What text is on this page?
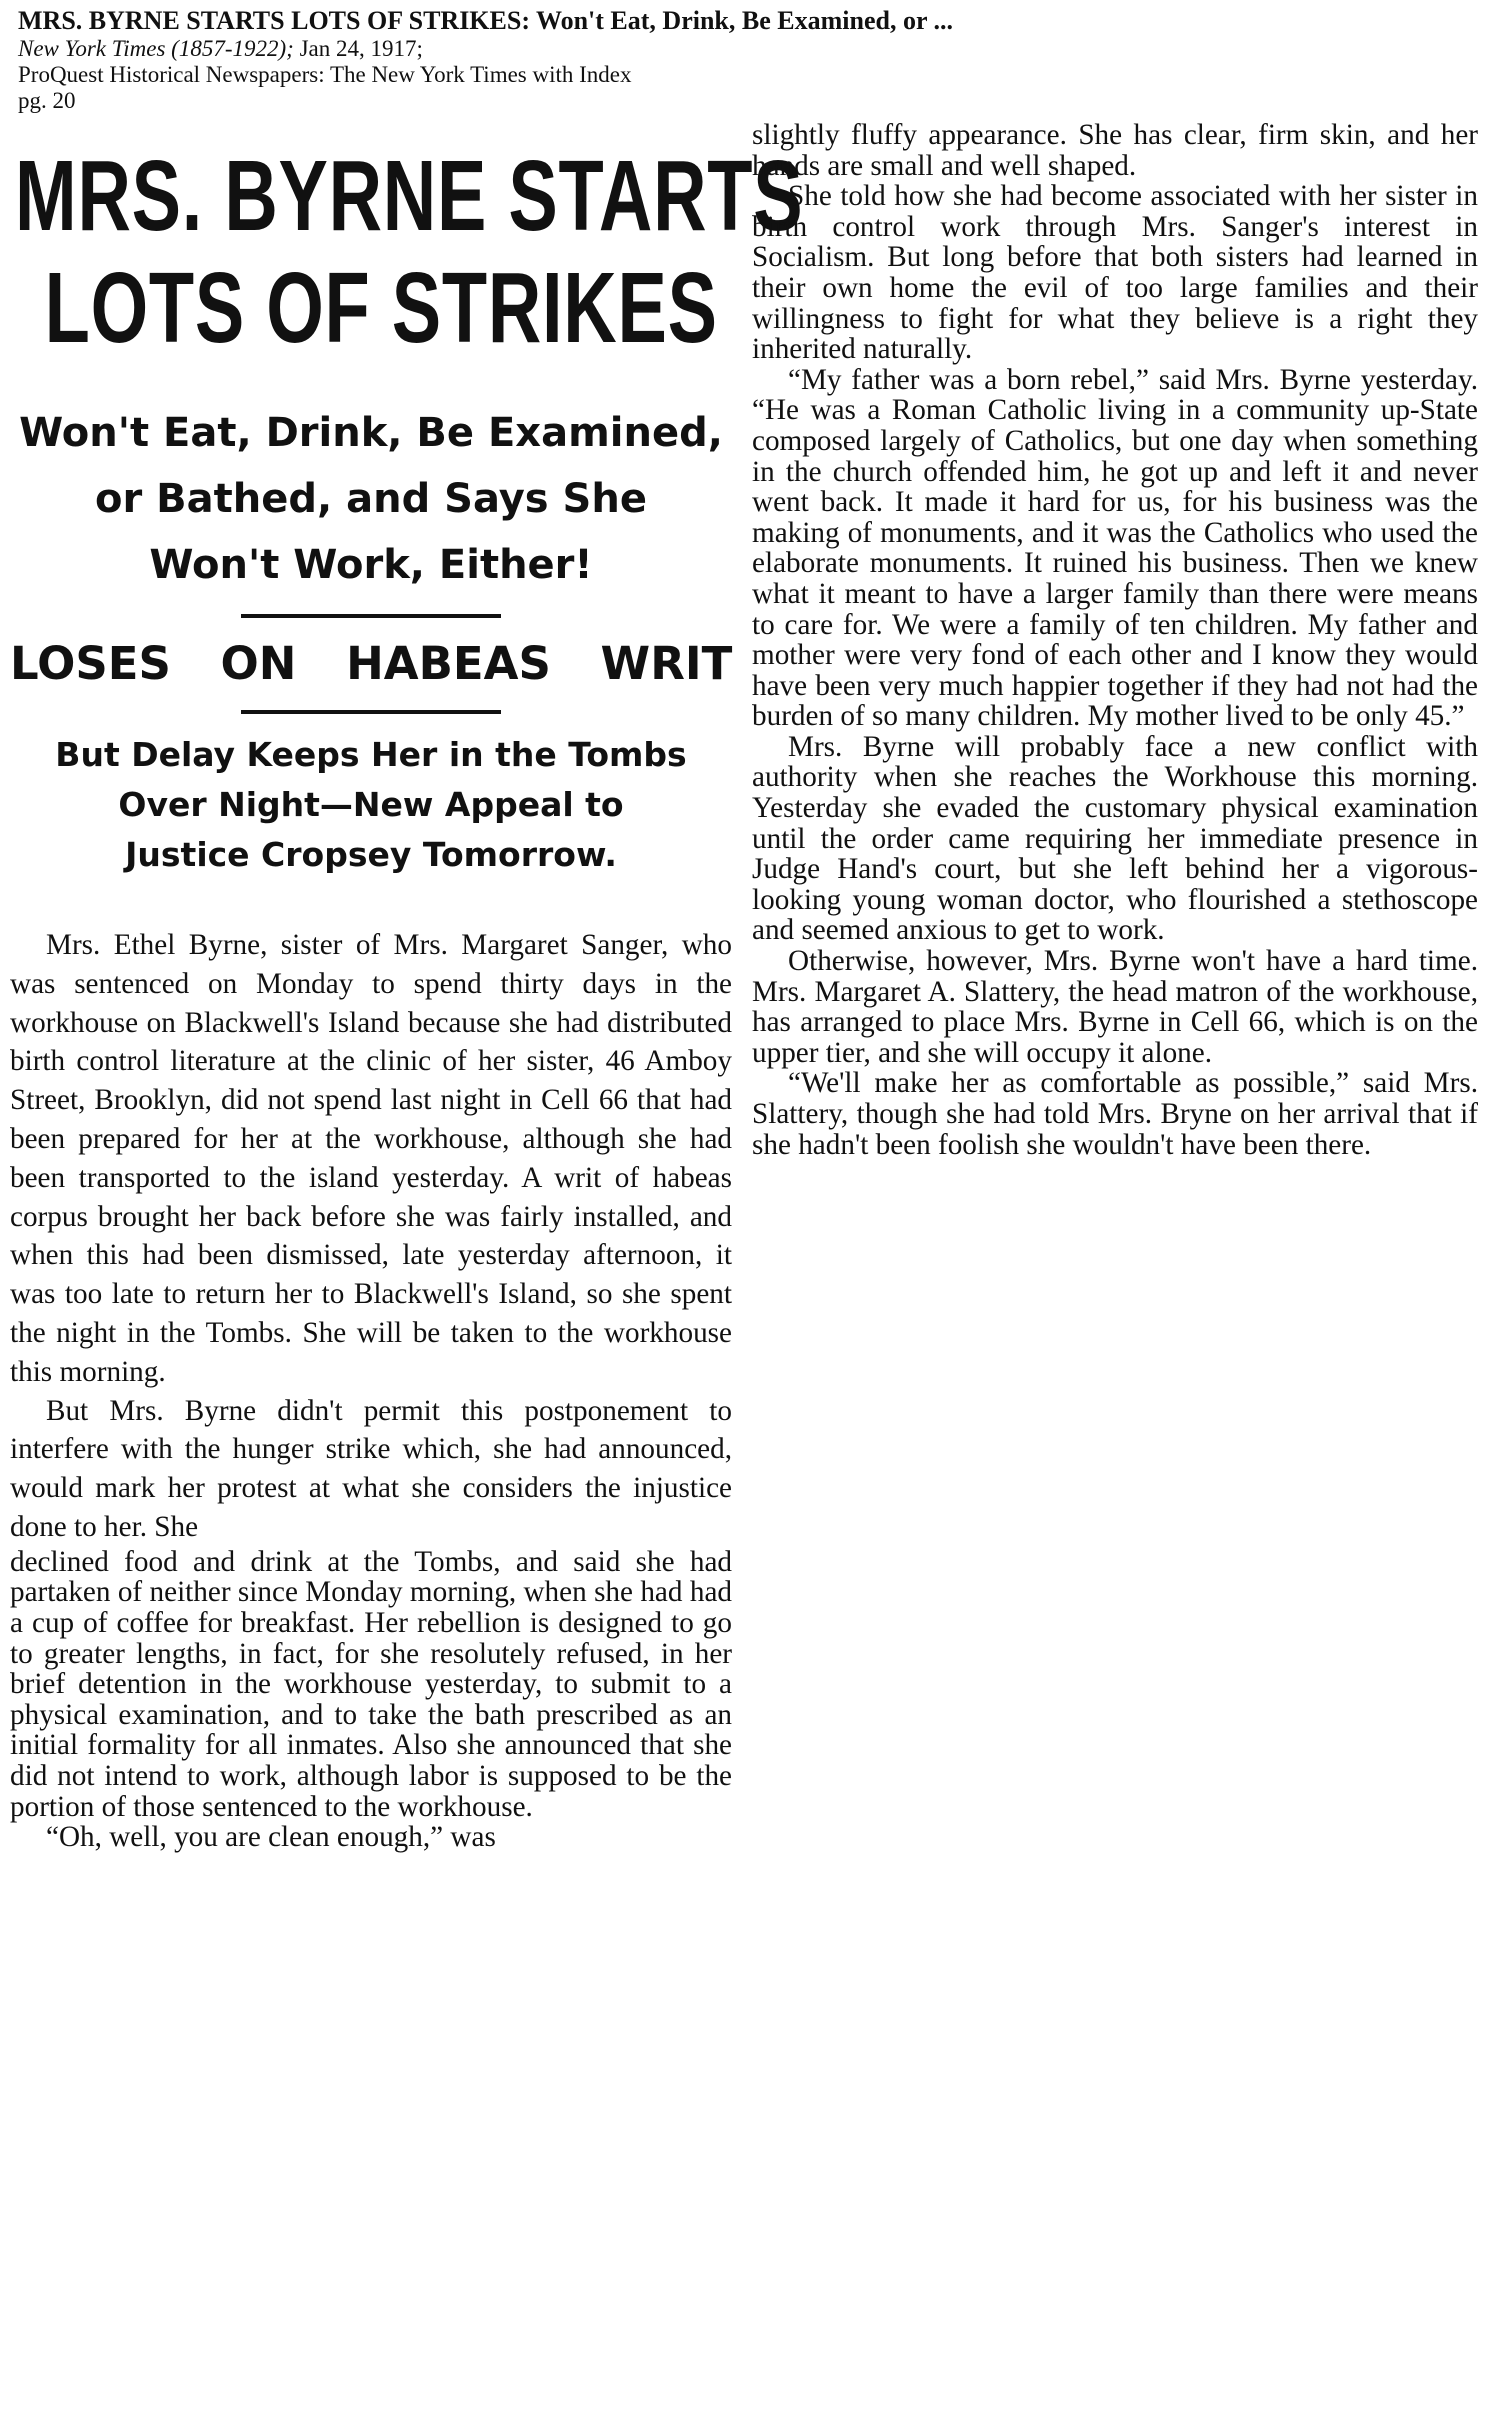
MRS. BYRNE STARTS LOTS OF STRIKES: Won't Eat, Drink, Be Examined, or ...
New York Times (1857-1922); Jan 24, 1917;
ProQuest Historical Newspapers: The New York Times with Index
pg. 20
MRS. BYRNE STARTS
LOTS OF STRIKES
Won't Eat, Drink, Be Examined,
or Bathed, and Says She
Won't Work, Either!
LOSES ON HABEAS WRIT
But Delay Keeps Her in the Tombs
Over Night—New Appeal to
Justice Cropsey Tomorrow.

Mrs. Ethel Byrne, sister of Mrs. Margaret Sanger, who was sentenced on Monday to spend thirty days in the workhouse on Blackwell's Island because she had distributed birth control literature at the clinic of her sister, 46 Amboy Street, Brooklyn, did not spend last night in Cell 66 that had been prepared for her at the workhouse, although she had been transported to the island yesterday. A writ of habeas corpus brought her back before she was fairly installed, and when this had been dismissed, late yesterday afternoon, it was too late to return her to Blackwell's Island, so she spent the night in the Tombs. She will be taken to the workhouse this morning.

But Mrs. Byrne didn't permit this postponement to interfere with the hunger strike which, she had announced, would mark her protest at what she considers the injustice done to her. She

declined food and drink at the Tombs, and said she had partaken of neither since Monday morning, when she had had a cup of coffee for breakfast. Her rebellion is designed to go to greater lengths, in fact, for she resolutely refused, in her brief detention in the workhouse yesterday, to submit to a physical examination, and to take the bath prescribed as an initial formality for all inmates. Also she announced that she did not intend to work, although labor is supposed to be the portion of those sentenced to the workhouse.

“Oh, well, you are clean enough,” was

slightly fluffy appearance. She has clear, firm skin, and her hands are small and well shaped.

She told how she had become associated with her sister in birth control work through Mrs. Sanger's interest in Socialism. But long before that both sisters had learned in their own home the evil of too large families and their willingness to fight for what they believe is a right they inherited naturally.

“My father was a born rebel,” said Mrs. Byrne yesterday. “He was a Roman Catholic living in a community up-State composed largely of Catholics, but one day when something in the church offended him, he got up and left it and never went back. It made it hard for us, for his business was the making of monuments, and it was the Catholics who used the elaborate monuments. It ruined his business. Then we knew what it meant to have a larger family than there were means to care for. We were a family of ten children. My father and mother were very fond of each other and I know they would have been very much happier together if they had not had the burden of so many children. My mother lived to be only 45.”

Mrs. Byrne will probably face a new conflict with authority when she reaches the Workhouse this morning. Yesterday she evaded the customary physical examination until the order came requiring her immediate presence in Judge Hand's court, but she left behind her a vigorous-looking young woman doctor, who flourished a stethoscope and seemed anxious to get to work.

Otherwise, however, Mrs. Byrne won't have a hard time. Mrs. Margaret A. Slattery, the head matron of the workhouse, has arranged to place Mrs. Byrne in Cell 66, which is on the upper tier, and she will occupy it alone.

“We'll make her as comfortable as possible,” said Mrs. Slattery, though she had told Mrs. Bryne on her arrival that if she hadn't been foolish she wouldn't have been there.
